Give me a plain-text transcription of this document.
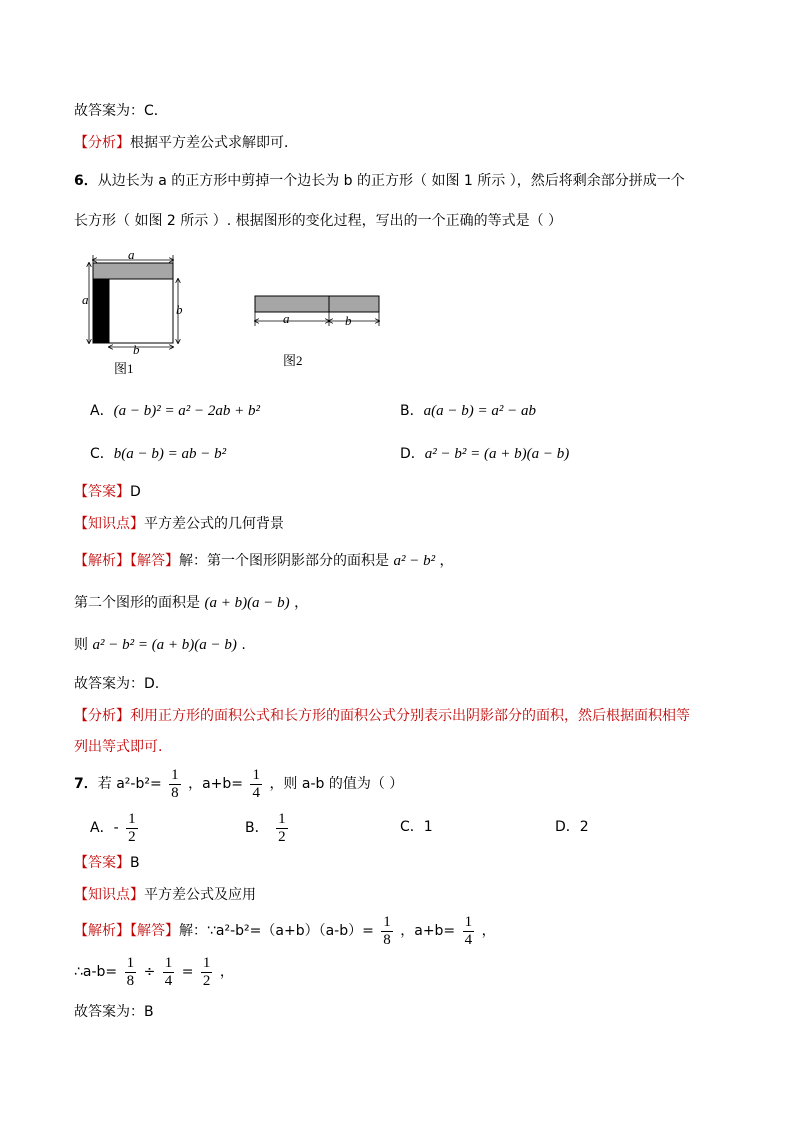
故答案为：C．
【分析】根据平方差公式求解即可．
6．从边长为 a 的正方形中剪掉一个边长为 b 的正方形（ 如图 1 所示 ），然后将剩余部分拼成一个
长方形（ 如图 2 所示 ）. 根据图形的变化过程，写出的一个正确的等式是（ ）
a
a
b
b
图1
a	b
图2
A．(a − b)² = a² − 2ab + b²	B．a(a − b) = a² − ab
C．b(a − b) = ab − b²	D．a² − b² = (a + b)(a − b)
【答案】D
【知识点】平方差公式的几何背景
【解析】【解答】解：第一个图形阴影部分的面积是 a² − b² ，
第二个图形的面积是 (a + b)(a − b) ，
则 a² − b² = (a + b)(a − b) .
故答案为：D.
【分析】利用正方形的面积公式和长方形的面积公式分别表示出阴影部分的面积，然后根据面积相等
列出等式即可.
7．若 $a^2-b^2= \frac{1}{8}$ ，$a+b= \frac{1}{4}$ ，则 a-b 的值为（ ）
A．- $\frac{1}{2}$	B． $\frac{1}{2}$	C．1	D．2
【答案】B
【知识点】平方差公式及应用
【解析】【解答】解：∵a²-b²=（a+b）（a-b）= $\frac{1}{8}$ ，$a+b= \frac{1}{4}$ ，
∴a-b= $\frac{1}{8} \div \frac{1}{4} = \frac{1}{2}$ ，
故答案为：B
